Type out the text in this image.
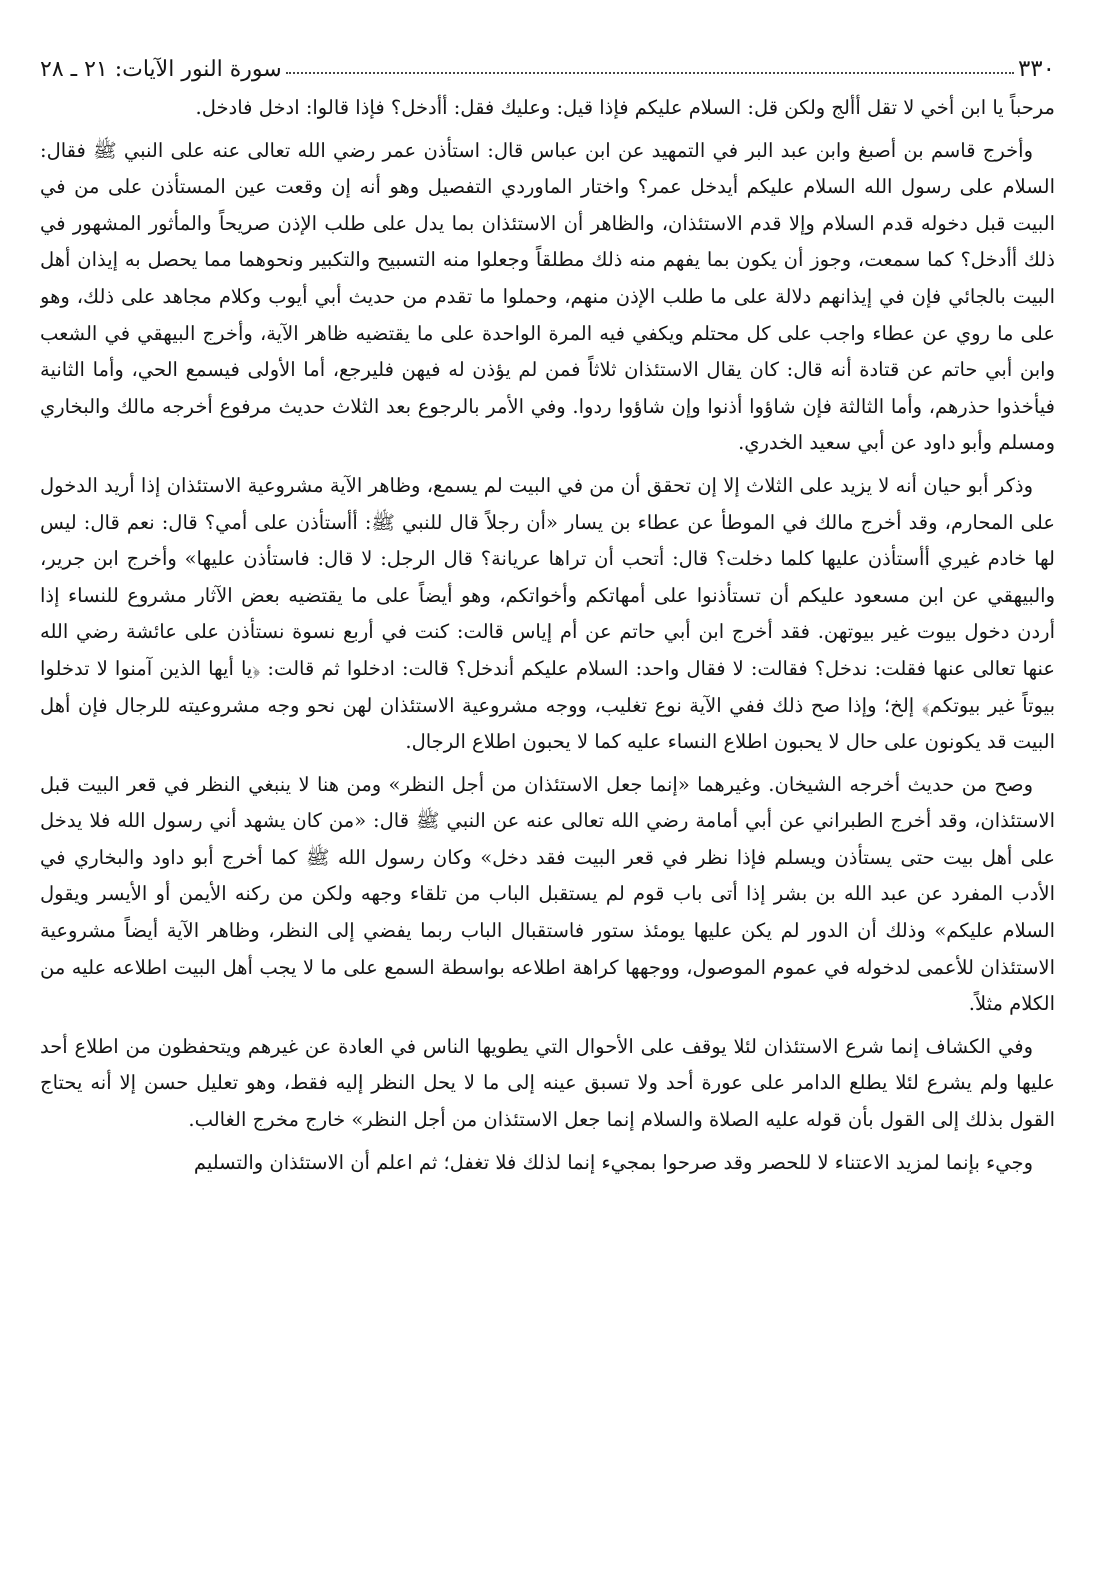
٣٣٠
سورة النور الآيات: ٢١ ـ ٢٨

مرحباً يا ابن أخي لا تقل أألج ولكن قل: السلام عليكم فإذا قيل: وعليك فقل: أأدخل؟ فإذا قالوا: ادخل فادخل.

وأخرج قاسم بن أصبغ وابن عبد البر في التمهيد عن ابن عباس قال: استأذن عمر رضي الله تعالى عنه على النبي ﷺ فقال: السلام على رسول الله السلام عليكم أيدخل عمر؟ واختار الماوردي التفصيل وهو أنه إن وقعت عين المستأذن على من في البيت قبل دخوله قدم السلام وإلا قدم الاستئذان، والظاهر أن الاستئذان بما يدل على طلب الإذن صريحاً والمأثور المشهور في ذلك أأدخل؟ كما سمعت، وجوز أن يكون بما يفهم منه ذلك مطلقاً وجعلوا منه التسبيح والتكبير ونحوهما مما يحصل به إيذان أهل البيت بالجائي فإن في إيذانهم دلالة على ما طلب الإذن منهم، وحملوا ما تقدم من حديث أبي أيوب وكلام مجاهد على ذلك، وهو على ما روي عن عطاء واجب على كل محتلم ويكفي فيه المرة الواحدة على ما يقتضيه ظاهر الآية، وأخرج البيهقي في الشعب وابن أبي حاتم عن قتادة أنه قال: كان يقال الاستئذان ثلاثاً فمن لم يؤذن له فيهن فليرجع، أما الأولى فيسمع الحي، وأما الثانية فيأخذوا حذرهم، وأما الثالثة فإن شاؤوا أذنوا وإن شاؤوا ردوا. وفي الأمر بالرجوع بعد الثلاث حديث مرفوع أخرجه مالك والبخاري ومسلم وأبو داود عن أبي سعيد الخدري.

وذكر أبو حيان أنه لا يزيد على الثلاث إلا إن تحقق أن من في البيت لم يسمع، وظاهر الآية مشروعية الاستئذان إذا أريد الدخول على المحارم، وقد أخرج مالك في الموطأ عن عطاء بن يسار «أن رجلاً قال للنبي ﷺ: أأستأذن على أمي؟ قال: نعم قال: ليس لها خادم غيري أأستأذن عليها كلما دخلت؟ قال: أتحب أن تراها عريانة؟ قال الرجل: لا قال: فاستأذن عليها» وأخرج ابن جرير، والبيهقي عن ابن مسعود عليكم أن تستأذنوا على أمهاتكم وأخواتكم، وهو أيضاً على ما يقتضيه بعض الآثار مشروع للنساء إذا أردن دخول بيوت غير بيوتهن. فقد أخرج ابن أبي حاتم عن أم إياس قالت: كنت في أربع نسوة نستأذن على عائشة رضي الله عنها تعالى عنها فقلت: ندخل؟ فقالت: لا فقال واحد: السلام عليكم أندخل؟ قالت: ادخلوا ثم قالت: ﴿يا أيها الذين آمنوا لا تدخلوا بيوتاً غير بيوتكم﴾ إلخ؛ وإذا صح ذلك ففي الآية نوع تغليب، ووجه مشروعية الاستئذان لهن نحو وجه مشروعيته للرجال فإن أهل البيت قد يكونون على حال لا يحبون اطلاع النساء عليه كما لا يحبون اطلاع الرجال.

وصح من حديث أخرجه الشيخان. وغيرهما «إنما جعل الاستئذان من أجل النظر» ومن هنا لا ينبغي النظر في قعر البيت قبل الاستئذان، وقد أخرج الطبراني عن أبي أمامة رضي الله تعالى عنه عن النبي ﷺ قال: «من كان يشهد أني رسول الله فلا يدخل على أهل بيت حتى يستأذن ويسلم فإذا نظر في قعر البيت فقد دخل» وكان رسول الله ﷺ كما أخرج أبو داود والبخاري في الأدب المفرد عن عبد الله بن بشر إذا أتى باب قوم لم يستقبل الباب من تلقاء وجهه ولكن من ركنه الأيمن أو الأيسر ويقول السلام عليكم» وذلك أن الدور لم يكن عليها يومئذ ستور فاستقبال الباب ربما يفضي إلى النظر، وظاهر الآية أيضاً مشروعية الاستئذان للأعمى لدخوله في عموم الموصول، ووجهها كراهة اطلاعه بواسطة السمع على ما لا يجب أهل البيت اطلاعه عليه من الكلام مثلاً.

وفي الكشاف إنما شرع الاستئذان لئلا يوقف على الأحوال التي يطويها الناس في العادة عن غيرهم ويتحفظون من اطلاع أحد عليها ولم يشرع لئلا يطلع الدامر على عورة أحد ولا تسبق عينه إلى ما لا يحل النظر إليه فقط، وهو تعليل حسن إلا أنه يحتاج القول بذلك إلى القول بأن قوله عليه الصلاة والسلام إنما جعل الاستئذان من أجل النظر» خارج مخرج الغالب.

وجيء بإنما لمزيد الاعتناء لا للحصر وقد صرحوا بمجيء إنما لذلك فلا تغفل؛ ثم اعلم أن الاستئذان والتسليم
